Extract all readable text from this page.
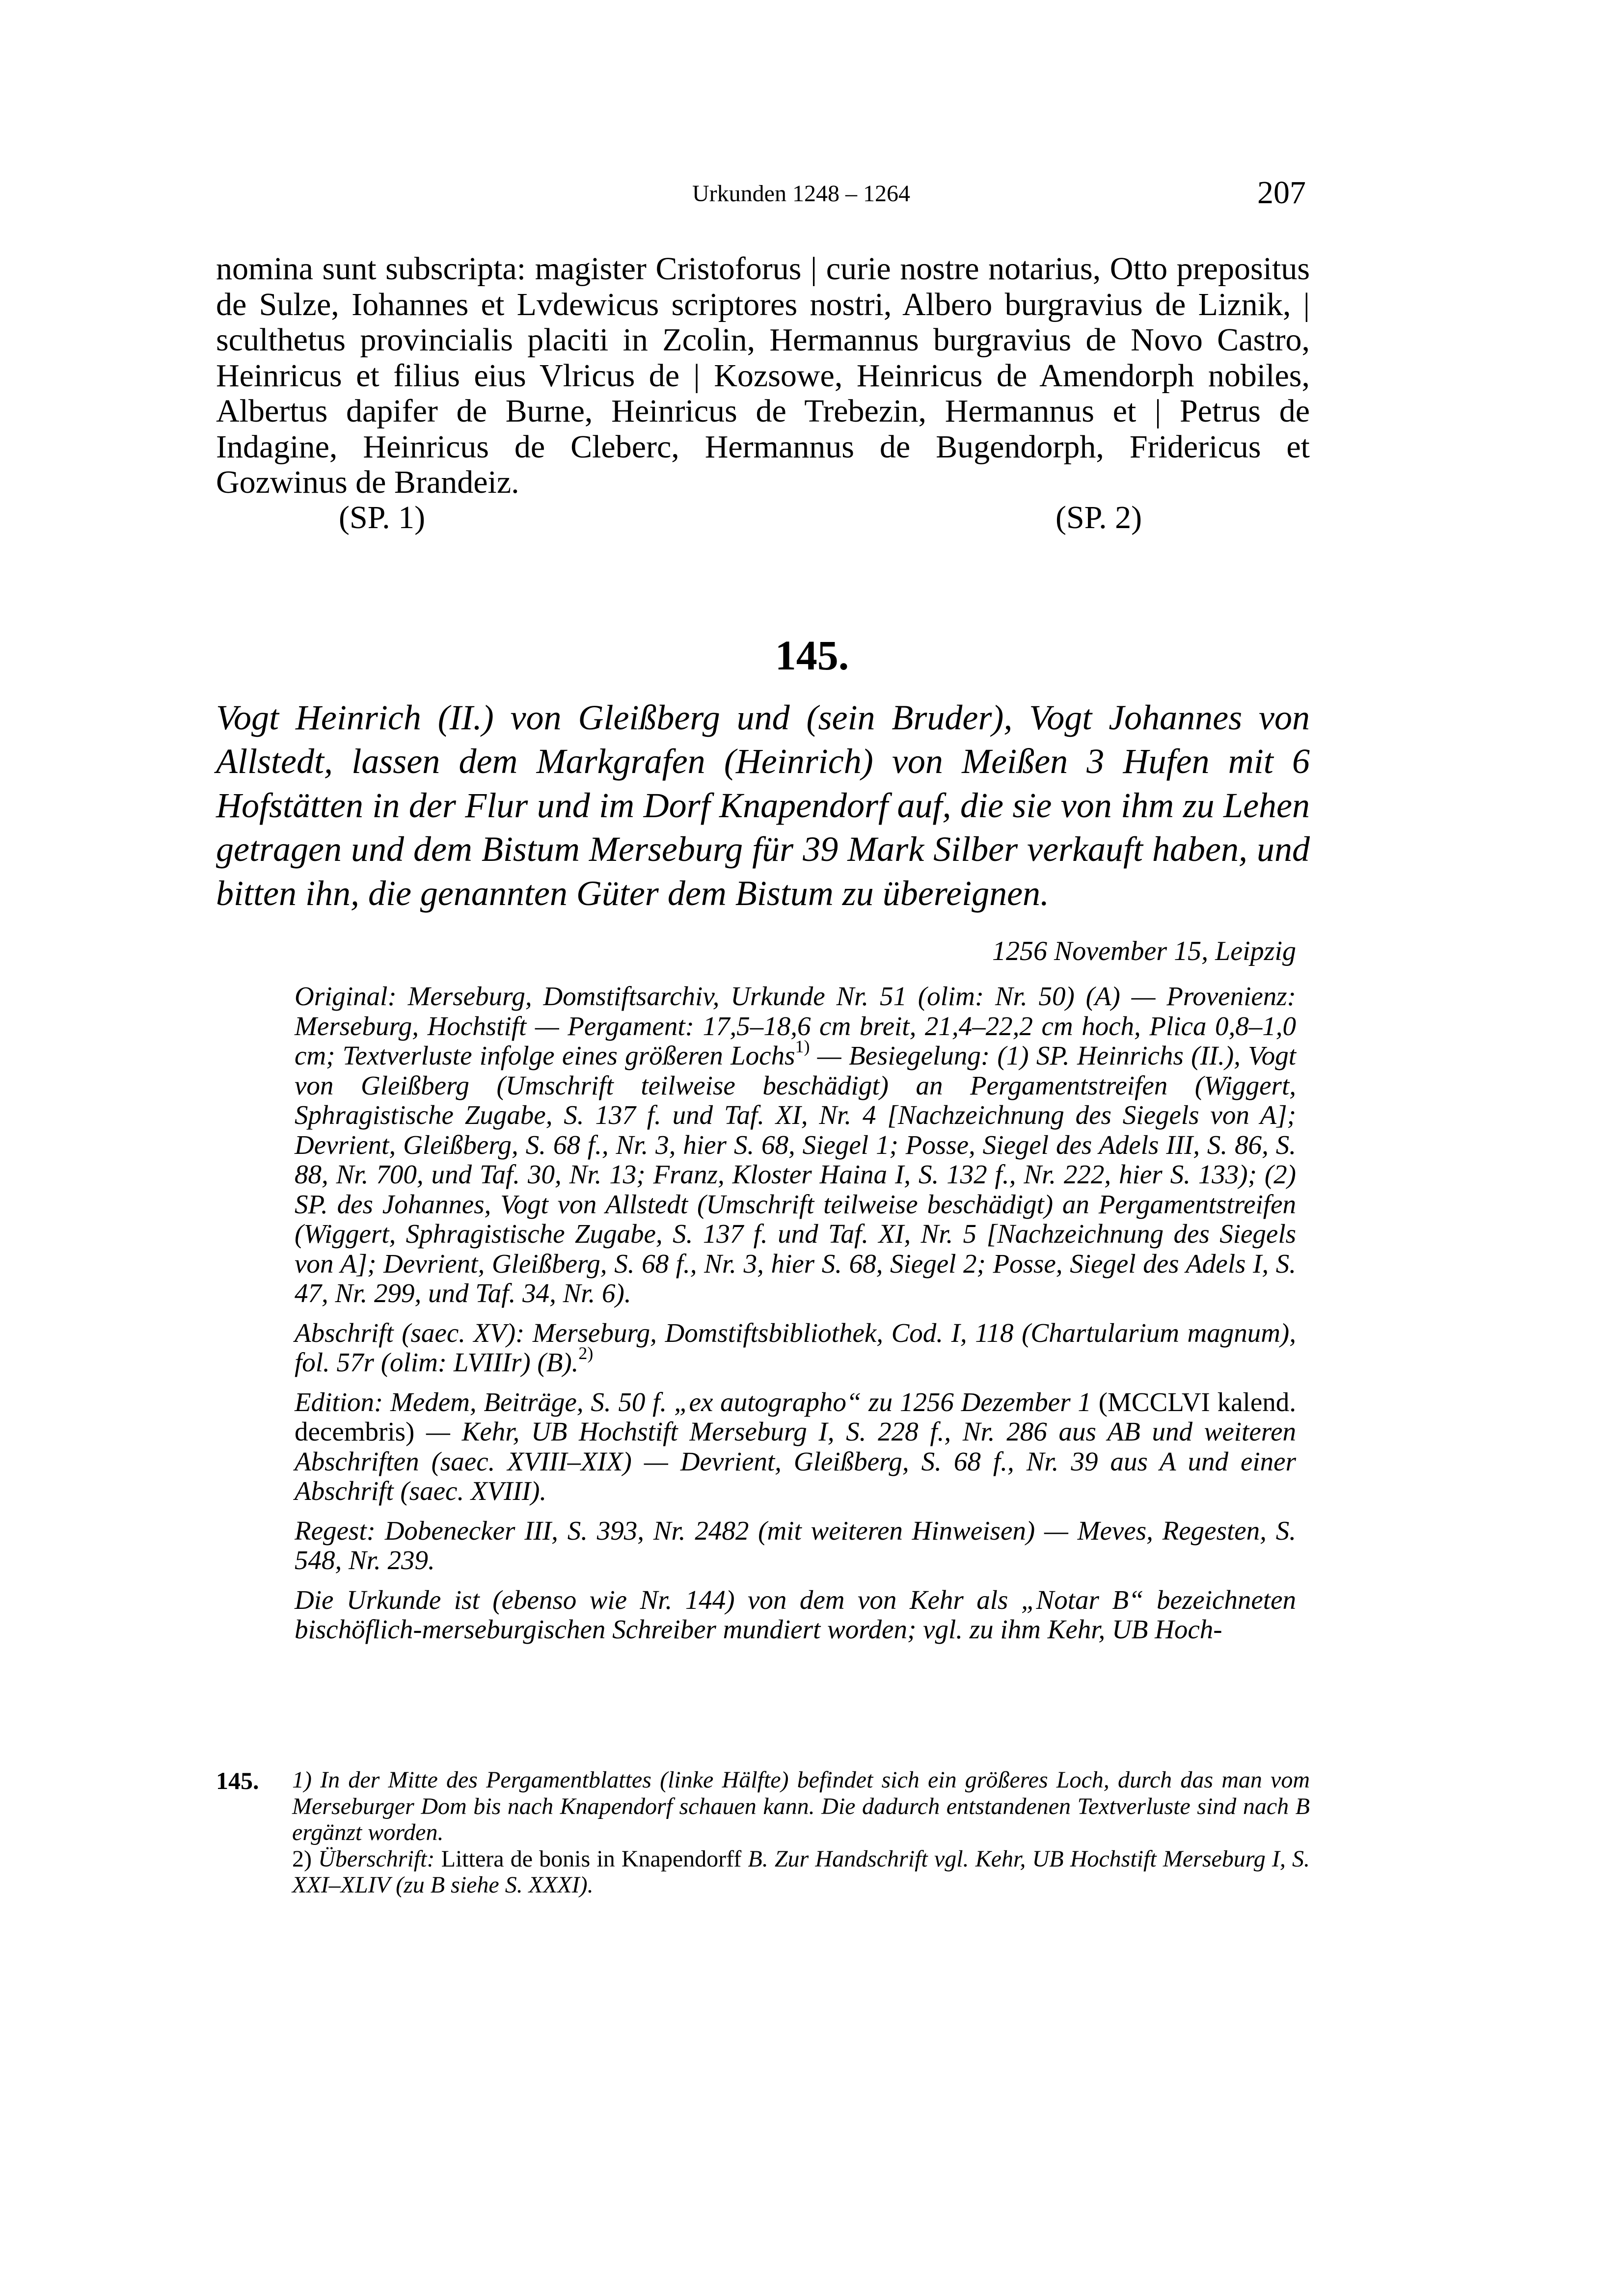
Urkunden 1248 – 1264	207

nomina sunt subscripta: magister Cristoforus | curie nostre notarius, Otto prepositus de Sulze, Iohannes et Lvdewicus scriptores nostri, Albero burgravius de Liznik, | sculthetus provincialis placiti in Zcolin, Hermannus burgravius de Novo Castro, Heinricus et filius eius Vlricus de | Kozsowe, Heinricus de Amendorph nobiles, Albertus dapifer de Burne, Heinricus de Trebezin, Hermannus et | Petrus de Indagine, Heinricus de Cleberc, Hermannus de Bugendorph, Fridericus et Gozwinus de Brandeiz.

(SP. 1)	(SP. 2)
145.

Vogt Heinrich (II.) von Gleißberg und (sein Bruder), Vogt Johannes von Allstedt, lassen dem Markgrafen (Heinrich) von Meißen 3 Hufen mit 6 Hofstätten in der Flur und im Dorf Knapendorf auf, die sie von ihm zu Lehen getragen und dem Bistum Merseburg für 39 Mark Silber verkauft haben, und bitten ihn, die genannten Güter dem Bistum zu übereignen.

1256 November 15, Leipzig

Original: Merseburg, Domstiftsarchiv, Urkunde Nr. 51 (olim: Nr. 50) (A) — Provenienz: Merseburg, Hochstift — Pergament: 17,5–18,6 cm breit, 21,4–22,2 cm hoch, Plica 0,8–1,0 cm; Textverluste infolge eines größeren Lochs$^{1)}$ — Besiegelung: (1) SP. Heinrichs (II.), Vogt von Gleißberg (Umschrift teilweise beschädigt) an Pergamentstreifen (Wiggert, Sphragistische Zugabe, S. 137 f. und Taf. XI, Nr. 4 [Nachzeichnung des Siegels von A]; Devrient, Gleißberg, S. 68 f., Nr. 3, hier S. 68, Siegel 1; Posse, Siegel des Adels III, S. 86, S. 88, Nr. 700, und Taf. 30, Nr. 13; Franz, Kloster Haina I, S. 132 f., Nr. 222, hier S. 133); (2) SP. des Johannes, Vogt von Allstedt (Umschrift teilweise beschädigt) an Pergamentstreifen (Wiggert, Sphragistische Zugabe, S. 137 f. und Taf. XI, Nr. 5 [Nachzeichnung des Siegels von A]; Devrient, Gleißberg, S. 68 f., Nr. 3, hier S. 68, Siegel 2; Posse, Siegel des Adels I, S. 47, Nr. 299, und Taf. 34, Nr. 6).

Abschrift (saec. XV): Merseburg, Domstiftsbibliothek, Cod. I, 118 (Chartularium magnum), fol. 57r (olim: LVIIIr) (B).$^{2)}$

Edition: Medem, Beiträge, S. 50 f. „ex autographo“ zu 1256 Dezember 1 (MCCLVI kalend. decembris) — Kehr, UB Hochstift Merseburg I, S. 228 f., Nr. 286 aus AB und weiteren Abschriften (saec. XVIII–XIX) — Devrient, Gleißberg, S. 68 f., Nr. 39 aus A und einer Abschrift (saec. XVIII).

Regest: Dobenecker III, S. 393, Nr. 2482 (mit weiteren Hinweisen) — Meves, Regesten, S. 548, Nr. 239.

Die Urkunde ist (ebenso wie Nr. 144) von dem von Kehr als „Notar B“ bezeichneten bischöflich-merseburgischen Schreiber mundiert worden; vgl. zu ihm Kehr, UB Hoch-

145. 1) In der Mitte des Pergamentblattes (linke Hälfte) befindet sich ein größeres Loch, durch das man vom Merseburger Dom bis nach Knapendorf schauen kann. Die dadurch entstandenen Textverluste sind nach B ergänzt worden.

2) Überschrift: Littera de bonis in Knapendorff B. Zur Handschrift vgl. Kehr, UB Hochstift Merseburg I, S. XXI–XLIV (zu B siehe S. XXXI).
